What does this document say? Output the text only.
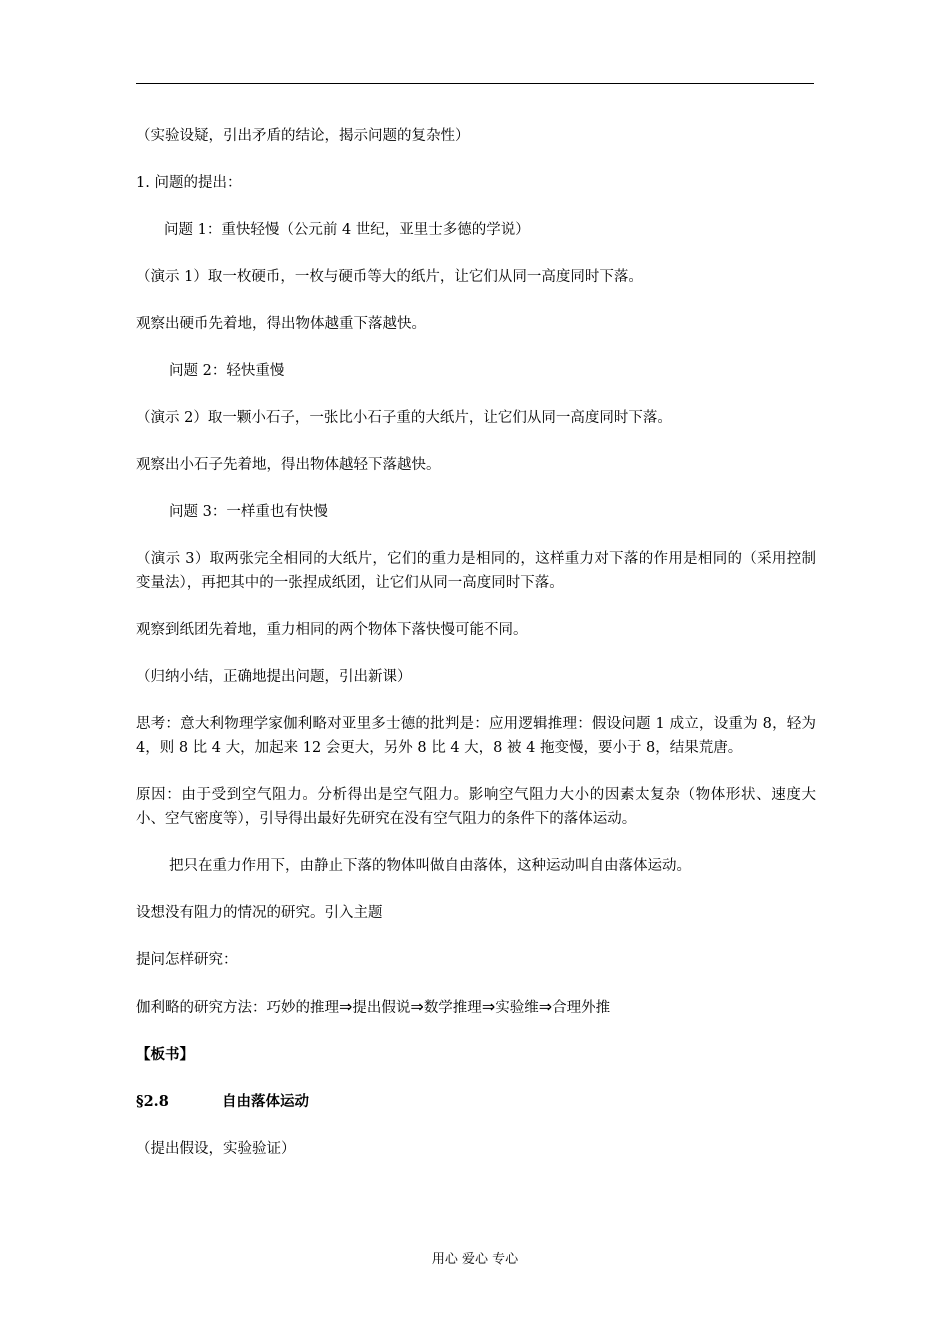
（实验设疑，引出矛盾的结论，揭示问题的复杂性）
1. 问题的提出：
问题 1：重快轻慢（公元前 4 世纪，亚里士多德的学说）
（演示 1）取一枚硬币，一枚与硬币等大的纸片，让它们从同一高度同时下落。
观察出硬币先着地，得出物体越重下落越快。
问题 2：轻快重慢
（演示 2）取一颗小石子，一张比小石子重的大纸片，让它们从同一高度同时下落。
观察出小石子先着地，得出物体越轻下落越快。
问题 3：一样重也有快慢
（演示 3）取两张完全相同的大纸片，它们的重力是相同的，这样重力对下落的作用是相同的（采用控制变量法），再把其中的一张捏成纸团，让它们从同一高度同时下落。
观察到纸团先着地，重力相同的两个物体下落快慢可能不同。
（归纳小结，正确地提出问题，引出新课）
思考：意大利物理学家伽利略对亚里多士德的批判是：应用逻辑推理：假设问题 1 成立，设重为 8，轻为 4，则 8 比 4 大，加起来 12 会更大，另外 8 比 4 大，8 被 4 拖变慢，要小于 8，结果荒唐。
原因：由于受到空气阻力。分析得出是空气阻力。影响空气阻力大小的因素太复杂（物体形状、速度大小、空气密度等），引导得出最好先研究在没有空气阻力的条件下的落体运动。
把只在重力作用下，由静止下落的物体叫做自由落体，这种运动叫自由落体运动。
设想没有阻力的情况的研究。引入主题
提问怎样研究：
伽利略的研究方法：巧妙的推理⇒提出假说⇒数学推理⇒实验维⇒合理外推
【板书】
§2.8	自由落体运动
（提出假设，实验验证）
用心 爱心 专心
